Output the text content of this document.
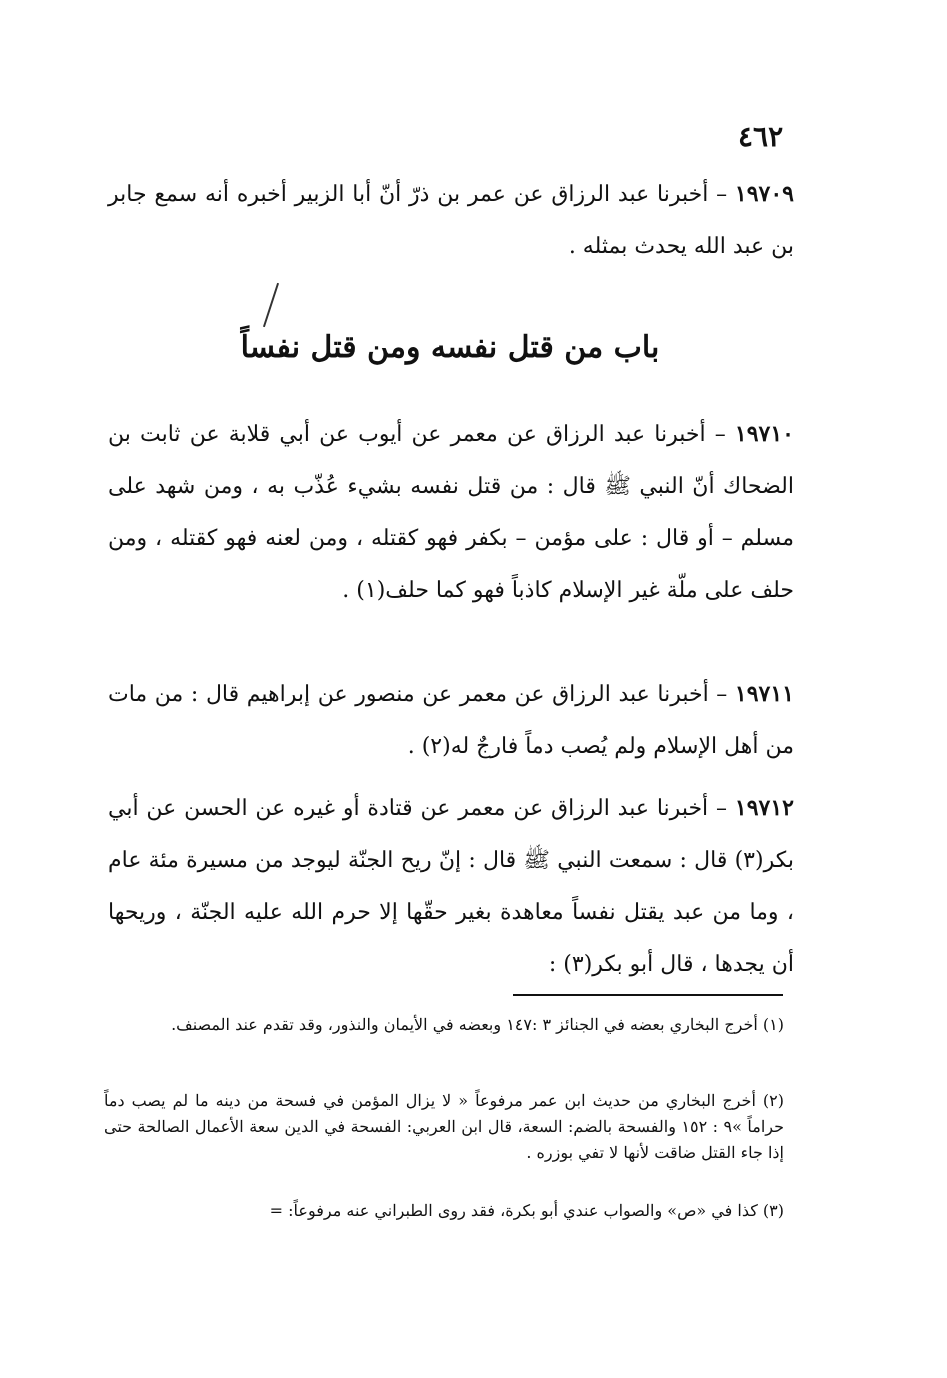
٤٦٢
١٩٧٠٩ – أخبرنا عبد الرزاق عن عمر بن ذرّ أنّ أبا الزبير أخبره أنه سمع جابر بن عبد الله يحدث بمثله .
باب من قتل نفسه ومن قتل نفساً
١٩٧١٠ – أخبرنا عبد الرزاق عن معمر عن أيوب عن أبي قلابة عن ثابت بن الضحاك أنّ النبي ﷺ قال : من قتل نفسه بشيء عُذّب به ، ومن شهد على مسلم – أو قال : على مؤمن – بكفر فهو كقتله ، ومن لعنه فهو كقتله ، ومن حلف على ملّة غير الإسلام كاذباً فهو كما حلف(١) .
١٩٧١١ – أخبرنا عبد الرزاق عن معمر عن منصور عن إبراهيم قال : من مات من أهل الإسلام ولم يُصب دماً فارجٌ له(٢) .
١٩٧١٢ – أخبرنا عبد الرزاق عن معمر عن قتادة أو غيره عن الحسن عن أبي بكر(٣) قال : سمعت النبي ﷺ قال : إنّ ريح الجنّة ليوجد من مسيرة مئة عام ، وما من عبد يقتل نفساً معاهدة بغير حقّها إلا حرم الله عليه الجنّة ، وريحها أن يجدها ، قال أبو بكر(٣) :
(١) أخرج البخاري بعضه في الجنائز ٣ :١٤٧ وبعضه في الأيمان والنذور، وقد تقدم عند المصنف.
(٢) أخرج البخاري من حديث ابن عمر مرفوعاً « لا يزال المؤمن في فسحة من دينه ما لم يصب دماً حراماً »٩ : ١٥٢ والفسحة بالضم: السعة، قال ابن العربي: الفسحة في الدين سعة الأعمال الصالحة حتى إذا جاء القتل ضاقت لأنها لا تفي بوزره .
(٣) كذا في «ص» والصواب عندي أبو بكرة، فقد روى الطبراني عنه مرفوعاً: =
